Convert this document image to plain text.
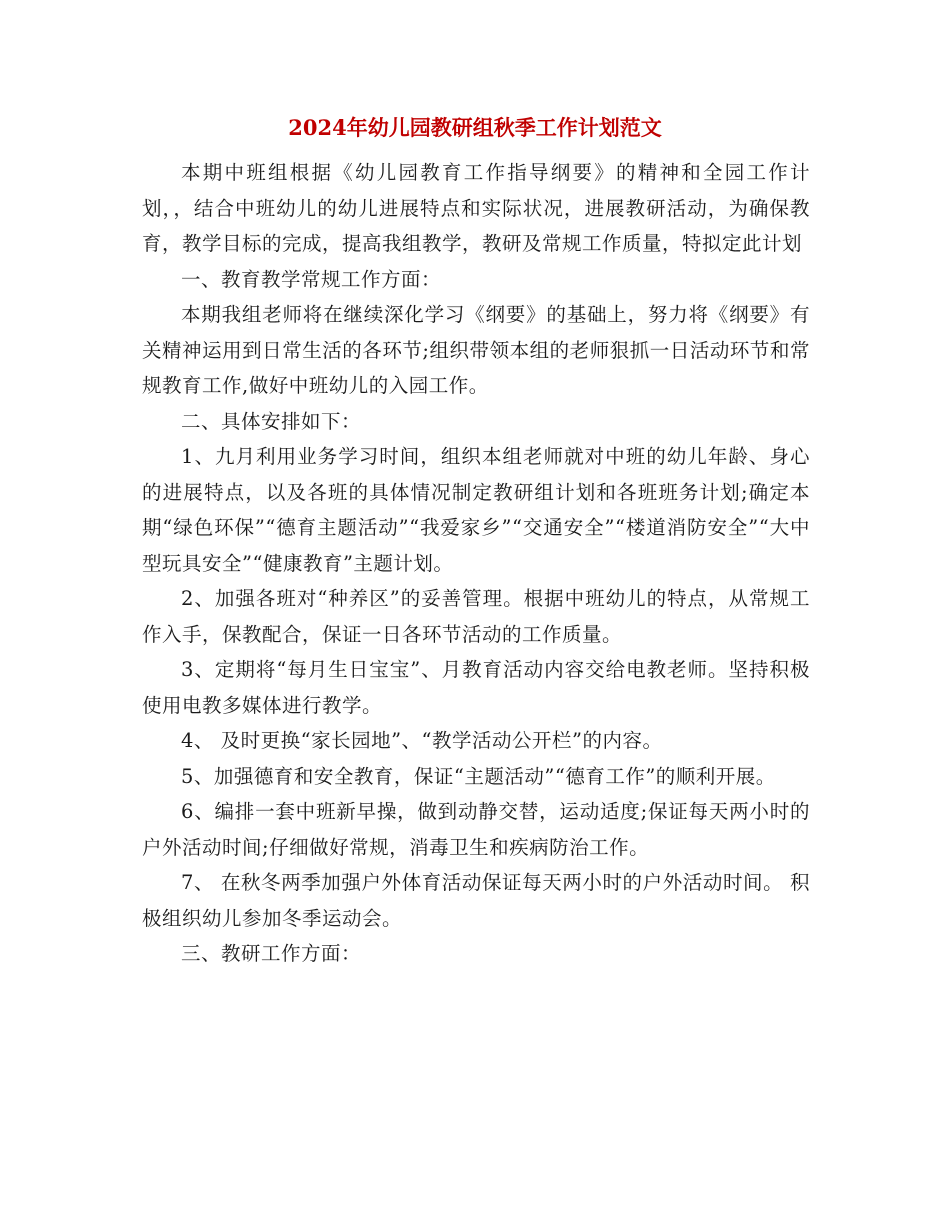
2024年幼儿园教研组秋季工作计划范文

本期中班组根据《幼儿园教育工作指导纲要》的精神和全园工作计划，，结合中班幼儿的幼儿进展特点和实际状况，进展教研活动，为确保教育，教学目标的完成，提高我组教学，教研及常规工作质量，特拟定此计划

一、教育教学常规工作方面：

本期我组老师将在继续深化学习《纲要》的基础上，努力将《纲要》有关精神运用到日常生活的各环节;组织带领本组的老师狠抓一日活动环节和常规教育工作,做好中班幼儿的入园工作。

二、具体安排如下：

1、九月利用业务学习时间，组织本组老师就对中班的幼儿年龄、身心的进展特点，以及各班的具体情况制定教研组计划和各班班务计划;确定本期“绿色环保”“德育主题活动”“我爱家乡”“交通安全”“楼道消防安全”“大中型玩具安全”“健康教育”主题计划。

2、加强各班对“种养区”的妥善管理。根据中班幼儿的特点，从常规工作入手，保教配合，保证一日各环节活动的工作质量。

3、定期将“每月生日宝宝”、月教育活动内容交给电教老师。坚持积极使用电教多媒体进行教学。

4、 及时更换“家长园地”、“教学活动公开栏”的内容。

5、加强德育和安全教育，保证“主题活动”“德育工作”的顺利开展。

6、编排一套中班新早操，做到动静交替，运动适度;保证每天两小时的户外活动时间;仔细做好常规，消毒卫生和疾病防治工作。

7、 在秋冬两季加强户外体育活动保证每天两小时的户外活动时间。 积极组织幼儿参加冬季运动会。

三、教研工作方面：
